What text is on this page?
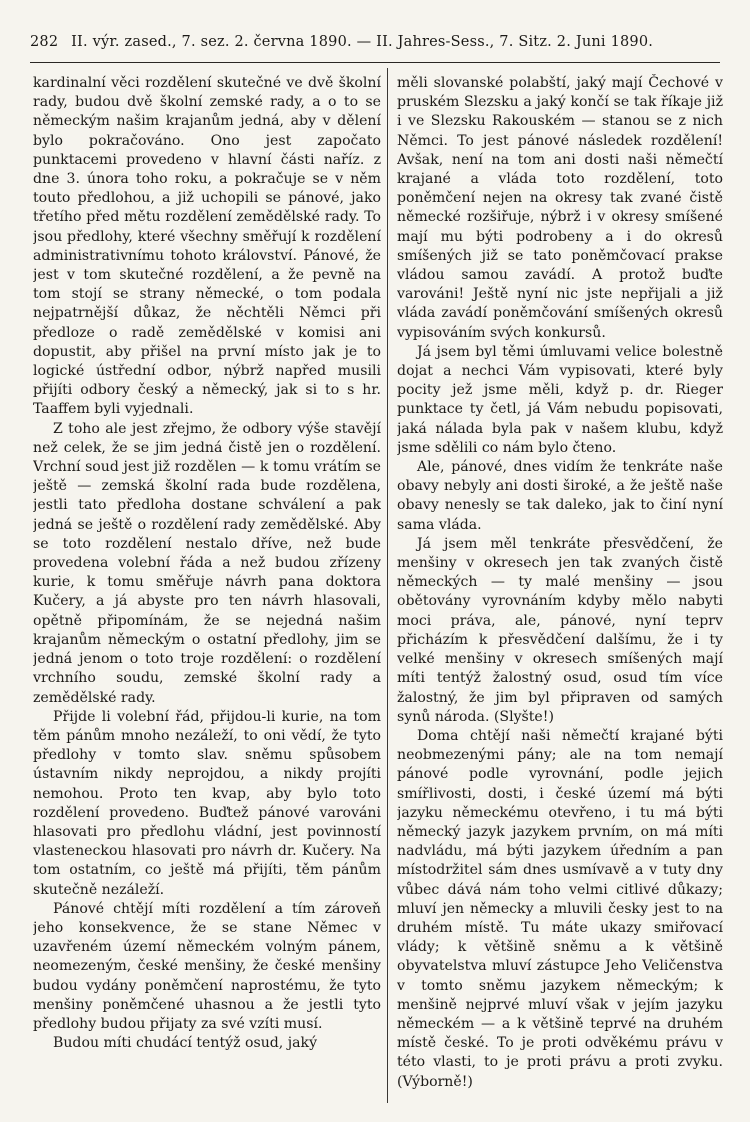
282 II. výr. zased., 7. sez. 2. června 1890. — II. Jahres-Sess., 7. Sitz. 2. Juni 1890.

kardinalní věci rozdělení skutečné ve dvě školní rady, budou dvě školní zemské rady, a o to se německým našim krajanům jedná, aby v dělení bylo pokračováno. Ono jest započato punktacemi provedeno v hlavní části naříz. z dne 3. února toho roku, a pokračuje se v něm touto předlohou, a již uchopili se pánové, jako třetího před mětu rozdělení zemědělské rady. To jsou předlohy, které všechny směřují k rozdělení administrativnímu tohoto království. Pánové, že jest v tom skutečné rozdělení, a že pevně na tom stojí se strany německé, o tom podala nejpatrnější důkaz, že něchtěli Němci při předloze o radě zemědělské v komisi ani dopustit, aby přišel na první místo jak je to logické ústřední odbor, nýbrž napřed musili přijíti odbory český a německý, jak si to s hr. Taaffem byli vyjednali.

Z toho ale jest zřejmo, že odbory výše stavějí než celek, že se jim jedná čistě jen o rozdělení. Vrchní soud jest již rozdělen — k tomu vrátím se ještě — zemská školní rada bude rozdělena, jestli tato předloha dostane schválení a pak jedná se ještě o rozdělení rady zemědělské. Aby se toto rozdělení nestalo dříve, než bude provedena volební řáda a než budou zřízeny kurie, k tomu směřuje návrh pana doktora Kučery, a já abyste pro ten návrh hlasovali, opětně připomínám, že se nejedná našim krajanům německým o ostatní předlohy, jim se jedná jenom o toto troje rozdělení: o rozdělení vrchního soudu, zemské školní rady a zemědělské rady.

Přijde li volební řád, přijdou-li kurie, na tom těm pánům mnoho nezáleží, to oni vědí, že tyto předlohy v tomto slav. sněmu spůsobem ústavním nikdy neprojdou, a nikdy projíti nemohou. Proto ten kvap, aby bylo toto rozdělení provedeno. Buďtež pánové varováni hlasovati pro předlohu vládní, jest povinností vlasteneckou hlasovati pro návrh dr. Kučery. Na tom ostatním, co ještě má přijíti, těm pánům skutečně nezáleží.

Pánové chtějí míti rozdělení a tím zároveň jeho konsekvence, že se stane Němec v uzavřeném území německém volným pánem, neomezeným, české menšiny, že české menšiny budou vydány poněmčení naprostému, že tyto menšiny poněmčené uhasnou a že jestli tyto předlohy budou přijaty za své vzíti musí.

Budou míti chudácí tentýž osud, jaký

měli slovanské polabští, jaký mají Čechové v pruském Slezsku a jaký končí se tak říkaje již i ve Slezsku Rakouském — stanou se z nich Němci. To jest pánové následek rozdělení! Avšak, není na tom ani dosti naši němečtí krajané a vláda toto rozdělení, toto poněmčení nejen na okresy tak zvané čistě německé rozšiřuje, nýbrž i v okresy smíšené mají mu býti podrobeny a i do okresů smíšených již se tato poněmčovací prakse vládou samou zavádí. A protož buďte varováni! Ještě nyní nic jste nepřijali a již vláda zavádí poněmčování smíšených okresů vypisováním svých konkursů.

Já jsem byl těmi úmluvami velice bolestně dojat a nechci Vám vypisovati, které byly pocity jež jsme měli, když p. dr. Rieger punktace ty četl, já Vám nebudu popisovati, jaká nálada byla pak v našem klubu, když jsme sdělili co nám bylo čteno.

Ale, pánové, dnes vidím že tenkráte naše obavy nebyly ani dosti široké, a že ještě naše obavy nenesly se tak daleko, jak to činí nyní sama vláda.

Já jsem měl tenkráte přesvědčení, že menšiny v okresech jen tak zvaných čistě německých — ty malé menšiny — jsou obětovány vyrovnáním kdyby mělo nabyti moci práva, ale, pánové, nyní teprv přicházím k přesvědčení dalšímu, že i ty velké menšiny v okresech smíšených mají míti tentýž žalostný osud, osud tím více žalostný, že jim byl připraven od samých synů národa. (Slyšte!)

Doma chtějí naši němečtí krajané býti neobmezenými pány; ale na tom nemají pánové podle vyrovnání, podle jejich smířlivosti, dosti, i české území má býti jazyku německému otevřeno, i tu má býti německý jazyk jazykem prvním, on má míti nadvládu, má býti jazykem úředním a pan místodržitel sám dnes usmívavě a v tuty dny vůbec dává nám toho velmi citlivé důkazy; mluví jen německy a mluvili česky jest to na druhém místě. Tu máte ukazy smiřovací vlády; k většině sněmu a k většině obyvatelstva mluví zástupce Jeho Veličenstva v tomto sněmu jazykem německým; k menšině nejprvé mluví však v jejím jazyku německém — a k většině teprvé na druhém místě české. To je proti odvěkému právu v této vlasti, to je proti právu a proti zvyku. (Výborně!)
